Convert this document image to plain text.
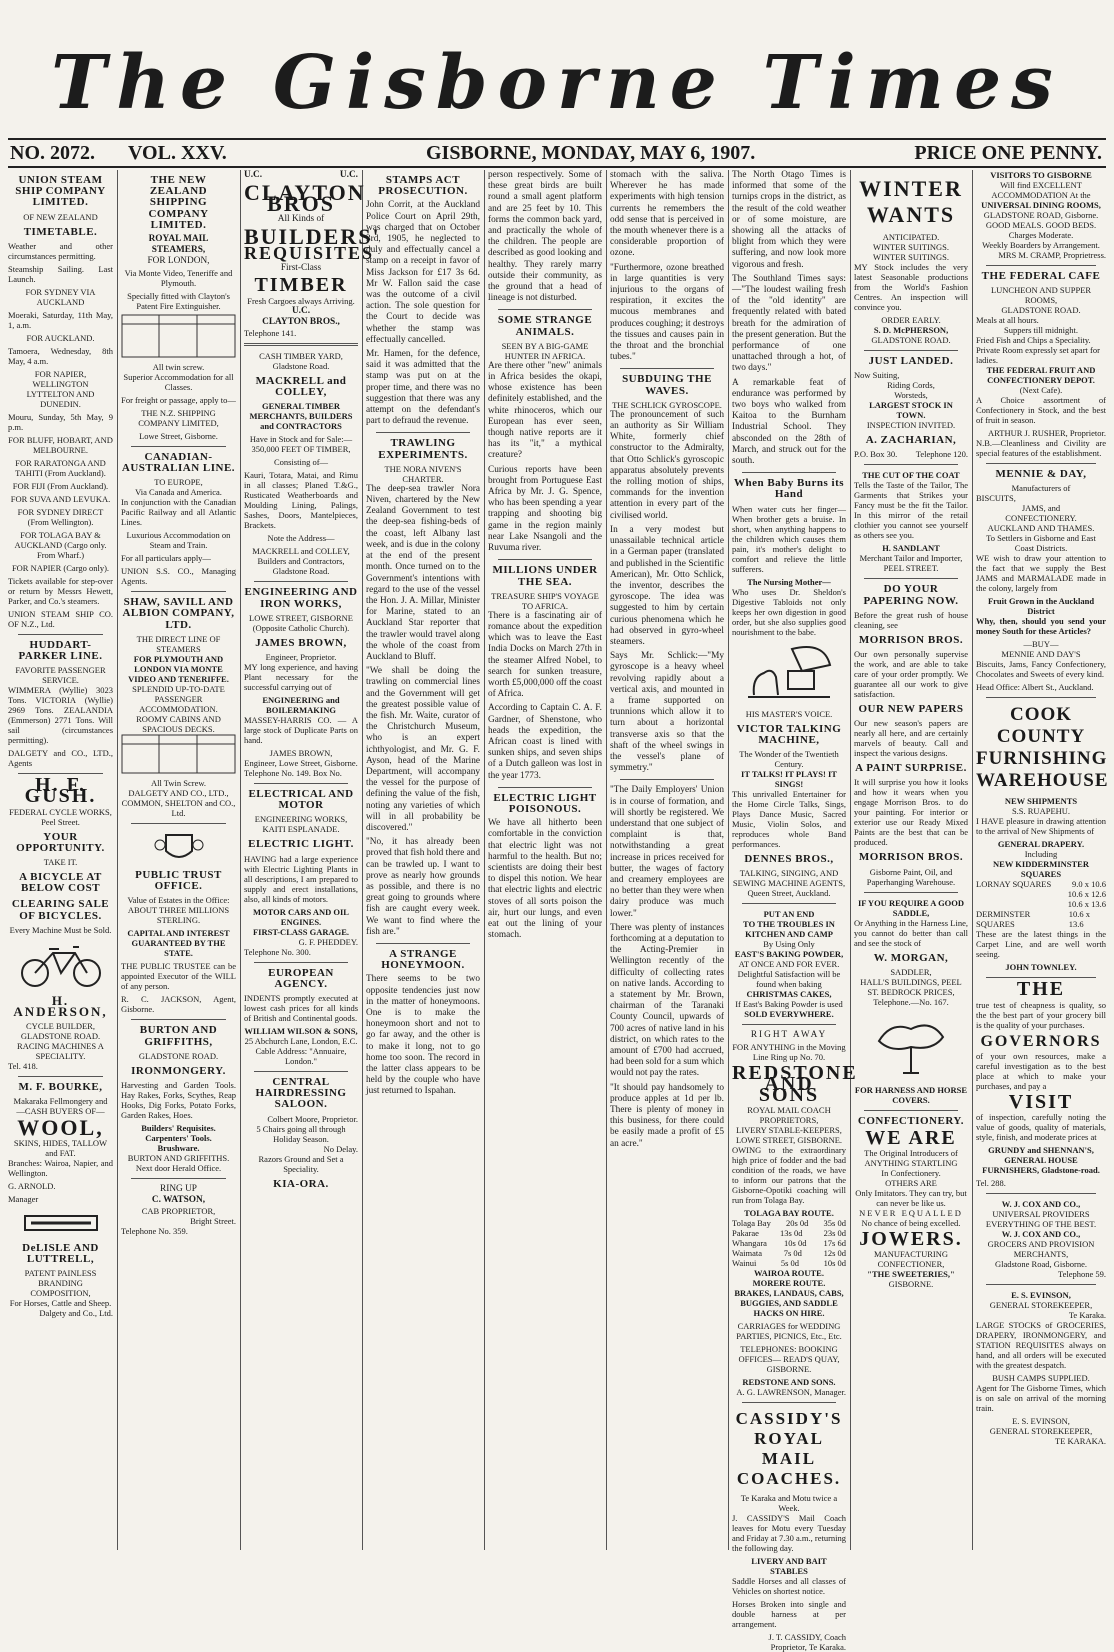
The Gisborne Times
NO. 2072. VOL. XXV.	GISBORNE, MONDAY, MAY 6, 1907.	PRICE ONE PENNY.
UNION STEAM SHIP COMPANY LIMITED.
OF NEW ZEALAND
TIMETABLE.

Weather and other circumstances permitting.

Steamship Sailing. Last Launch.

FOR SYDNEY VIA AUCKLAND

Moeraki, Saturday, 11th May, 1, a.m.

FOR AUCKLAND.

Tamoera, Wednesday, 8th May, 4 a.m.

FOR NAPIER, WELLINGTON LYTTELTON AND DUNEDIN.

Mouru, Sunday, 5th May, 9 p.m.

FOR BLUFF, HOBART, AND MELBOURNE.

FOR RARATONGA AND TAHITI (From Auckland).

FOR FIJI (From Auckland).

FOR SUVA AND LEVUKA.

FOR SYDNEY DIRECT (From Wellington).

FOR TOLAGA BAY & AUCKLAND (Cargo only. From Wharf.)

FOR NAPIER (Cargo only).

Tickets available for step-over or return by Messrs Hewett, Parker, and Co.'s steamers.

UNION STEAM SHIP CO. OF N.Z., Ltd.

HUDDART-PARKER LINE.
FAVORITE PASSENGER SERVICE.

WIMMERA (Wyllie) 3023 Tons. VICTORIA (Wyllie) 2969 Tons. ZEALANDIA (Emmerson) 2771 Tons. Will sail (circumstances permitting).

DALGETY and CO., LTD., Agents

H. F. GUSH.
FEDERAL CYCLE WORKS,
Peel Street.
YOUR OPPORTUNITY.
TAKE IT.
A BICYCLE AT BELOW COST
CLEARING SALE OF BICYCLES.
Every Machine Must be Sold.
H. ANDERSON,
CYCLE BUILDER,
GLADSTONE ROAD.
RACING MACHINES A SPECIALITY.

Tel. 418.

M. F. BOURKE,
Makaraka Fellmongery and
—CASH BUYERS OF—
WOOL,
SKINS, HIDES, TALLOW and FAT.

Branches: Wairoa, Napier, and Wellington.

G. ARNOLD.

Manager

DeLISLE AND LUTTRELL,
PATENT PAINLESS BRANDING COMPOSITION,
For Horses, Cattle and Sheep.
Dalgety and Co., Ltd.
THE NEW ZEALAND SHIPPING COMPANY LIMITED.
ROYAL MAIL STEAMERS,
FOR LONDON,

Via Monte Video, Teneriffe and Plymouth.

Specially fitted with Clayton's Patent Fire Extinguisher.

All twin screw.

Superior Accommodation for all Classes.

For freight or passage, apply to—

THE N.Z. SHIPPING COMPANY LIMITED,

Lowe Street, Gisborne.

CANADIAN-AUSTRALIAN LINE.
TO EUROPE,
Via Canada and America.

In conjunction with the Canadian Pacific Railway and all Atlantic Lines.

Luxurious Accommodation on Steam and Train.

For all particulars apply—

UNION S.S. CO., Managing Agents.

SHAW, SAVILL AND ALBION COMPANY, LTD.
THE DIRECT LINE OF STEAMERS
FOR PLYMOUTH AND LONDON VIA MONTE VIDEO AND TENERIFFE.
SPLENDID UP-TO-DATE PASSENGER ACCOMMODATION.
ROOMY CABINS AND SPACIOUS DECKS.
All Twin Screw.

DALGETY AND CO., LTD., COMMON, SHELTON and CO., Ltd.

PUBLIC TRUST OFFICE.

Value of Estates in the Office: ABOUT THREE MILLIONS STERLING.

CAPITAL AND INTEREST GUARANTEED BY THE STATE.

THE PUBLIC TRUSTEE can be appointed Executor of the WILL of any person.

R. C. JACKSON, Agent, Gisborne.

BURTON AND GRIFFITHS,
GLADSTONE ROAD.
IRONMONGERY.

Harvesting and Garden Tools. Hay Rakes, Forks, Scythes, Reap Hooks, Dig Forks, Potato Forks, Garden Rakes, Hoes.

Builders' Requisites.
Carpenters' Tools.
Brushware.

BURTON AND GRIFFITHS. Next door Herald Office.

RING UP
C. WATSON,
CAB PROPRIETOR,
Bright Street.
Telephone No. 359.
U.C.	U.C.
CLAYTON BROS
All Kinds of
BUILDERS'
REQUISITES
First-Class
TIMBER
Fresh Cargoes always Arriving.
U.C.
CLAYTON BROS.,
Telephone 141.
CASH TIMBER YARD,
Gladstone Road.
MACKRELL and COLLEY,

GENERAL TIMBER MERCHANTS, BUILDERS and CONTRACTORS

Have in Stock and for Sale:— 350,000 FEET OF TIMBER,

Consisting of—

Kauri, Totara, Matai, and Rimu in all classes; Planed T.&G., Rusticated Weatherboards and Moulding Lining, Palings, Sashes, Doors, Mantelpieces, Brackets.

Note the Address—

MACKRELL and COLLEY, Builders and Contractors, Gladstone Road.

ENGINEERING AND IRON WORKS,
LOWE STREET, GISBORNE
(Opposite Catholic Church).
JAMES BROWN,
Engineer, Proprietor.

MY long experience, and having Plant necessary for the successful carrying out of

ENGINEERING and BOILERMAKING

MASSEY-HARRIS CO. — A large stock of Duplicate Parts on hand.

JAMES BROWN,
Engineer, Lowe Street, Gisborne.
Telephone No. 149. Box No.
ELECTRICAL AND MOTOR
ENGINEERING WORKS,
KAITI ESPLANADE.
ELECTRIC LIGHT.

HAVING had a large experience with Electric Lighting Plants in all descriptions, I am prepared to supply and erect installations, also, all kinds of motors.

MOTOR CARS AND OIL ENGINES.
FIRST-CLASS GARAGE.
G. F. PHEDDEY.
Telephone No. 300.
EUROPEAN AGENCY.

INDENTS promptly executed at lowest cash prices for all kinds of British and Continental goods.

WILLIAM WILSON & SONS,
25 Abchurch Lane, London, E.C.
Cable Address: "Annuaire, London."
CENTRAL HAIRDRESSING SALOON.
Colbert Moore, Proprietor.
5 Chairs going all through Holiday Season.
No Delay.
Razors Ground and Set a Speciality.
KIA-ORA.
STAMPS ACT PROSECUTION.

John Corrit, at the Auckland Police Court on April 29th, was charged that on October 3rd, 1905, he neglected to duly and effectually cancel a stamp on a receipt in favor of Miss Jackson for £17 3s 6d. Mr W. Fallon said the case was the outcome of a civil action. The sole question for the Court to decide was whether the stamp was effectually cancelled.

Mr. Hamen, for the defence, said it was admitted that the stamp was put on at the proper time, and there was no suggestion that there was any attempt on the defendant's part to defraud the revenue.

TRAWLING EXPERIMENTS.
THE NORA NIVEN'S CHARTER.

The deep-sea trawler Nora Niven, chartered by the New Zealand Government to test the deep-sea fishing-beds of the coast, left Albany last week, and is due in the colony at the end of the present month. Once turned on to the Government's intentions with regard to the use of the vessel the Hon. J. A. Millar, Minister for Marine, stated to an Auckland Star reporter that the trawler would travel along the whole of the coast from Auckland to Bluff.

"We shall be doing the trawling on commercial lines and the Government will get the greatest possible value of the fish. Mr. Waite, curator of the Christchurch Museum, who is an expert ichthyologist, and Mr. G. F. Ayson, head of the Marine Department, will accompany the vessel for the purpose of defining the value of the fish, noting any varieties of which will in all probability be discovered."

"No, it has already been proved that fish hold there and can be trawled up. I want to prove as nearly how grounds as possible, and there is no great going to grounds where fish are caught every week. We want to find where the fish are."

A STRANGE HONEYMOON.

There seems to be two opposite tendencies just now in the matter of honeymoons. One is to make the honeymoon short and not to go far away, and the other is to make it long, not to go home too soon. The record in the latter class appears to be held by the couple who have just returned to Ispahan.

person respectively. Some of these great birds are built round a small agent platform and are 25 feet by 10. This forms the common back yard, and practically the whole of the children. The people are described as good looking and healthy. They rarely marry outside their community, as the ground that a head of lineage is not disturbed.

SOME STRANGE ANIMALS.
SEEN BY A BIG-GAME HUNTER IN AFRICA.

Are there other "new" animals in Africa besides the okapi, whose existence has been definitely established, and the white rhinoceros, which our European has ever seen, though native reports are it has its "it," a mythical creature?

Curious reports have been brought from Portuguese East Africa by Mr. J. G. Spence, who has been spending a year trapping and shooting big game in the region mainly near Lake Nsangoli and the Ruvuma river.

MILLIONS UNDER THE SEA.
TREASURE SHIP'S VOYAGE TO AFRICA.

There is a fascinating air of romance about the expedition which was to leave the East India Docks on March 27th in the steamer Alfred Nobel, to search for sunken treasure, worth £5,000,000 off the coast of Africa.

According to Captain C. A. F. Gardner, of Shenstone, who heads the expedition, the African coast is lined with sunken ships, and seven ships of a Dutch galleon was lost in the year 1773.

ELECTRIC LIGHT POISONOUS.

We have all hitherto been comfortable in the conviction that electric light was not harmful to the health. But no; scientists are doing their best to dispel this notion. We hear that electric lights and electric stoves of all sorts poison the air, hurt our lungs, and even eat out the lining of your stomach.

stomach with the saliva. Wherever he has made experiments with high tension currents he remembers the odd sense that is perceived in the mouth whenever there is a considerable proportion of ozone.

"Furthermore, ozone breathed in large quantities is very injurious to the organs of respiration, it excites the mucous membranes and produces coughing; it destroys the tissues and causes pain in the throat and the bronchial tubes."

SUBDUING THE WAVES.
THE SCHLICK GYROSCOPE.

The pronouncement of such an authority as Sir William White, formerly chief constructor to the Admiralty, that Otto Schlick's gyroscopic apparatus absolutely prevents the rolling motion of ships, commands for the invention attention in every part of the civilised world.

In a very modest but unassailable technical article in a German paper (translated and published in the Scientific American), Mr. Otto Schlick, the inventor, describes the gyroscope. The idea was suggested to him by certain curious phenomena which he had observed in gyro-wheel steamers.

Says Mr. Schlick:—"My gyroscope is a heavy wheel revolving rapidly about a vertical axis, and mounted in a frame supported on trunnions which allow it to turn about a horizontal transverse axis so that the shaft of the wheel swings in the vessel's plane of symmetry."

"The Daily Employers' Union is in course of formation, and will shortly be registered. We understand that one subject of complaint is that, notwithstanding a great increase in prices received for butter, the wages of factory and creamery employees are no better than they were when dairy produce was much lower."

There was plenty of instances forthcoming at a deputation to the Acting-Premier in Wellington recently of the difficulty of collecting rates on native lands. According to a statement by Mr. Brown, chairman of the Taranaki County Council, upwards of 700 acres of native land in his district, on which rates to the amount of £700 had accrued, had been sold for a sum which would not pay the rates.

"It should pay handsomely to produce apples at 1d per lb. There is plenty of money in this business, for there could be easily made a profit of £5 an acre."

The North Otago Times is informed that some of the turnips crops in the district, as the result of the cold weather or of some moisture, are showing all the attacks of blight from which they were suffering, and now look more vigorous and fresh.

The Southland Times says:—"The loudest wailing fresh of the "old identity" are frequently related with bated breath for the admiration of the present generation. But the performance of one unattached through a hot, of two days."

A remarkable feat of endurance was performed by two boys who walked from Kaitoa to the Burnham Industrial School. They absconded on the 28th of March, and struck out for the south.

When Baby Burns its Hand

When water cuts her finger—When brother gets a bruise. In short, when anything happens to the children which causes them pain, it's mother's delight to comfort and relieve the little sufferers.

The Nursing Mother—

Who uses Dr. Sheldon's Digestive Tabloids not only keeps her own digestion in good order, but she also supplies good nourishment to the babe.

HIS MASTER'S VOICE.
VICTOR TALKING MACHINE,
The Wonder of the Twentieth Century.
IT TALKS! IT PLAYS! IT SINGS!

This unrivalled Entertainer for the Home Circle Talks, Sings, Plays Dance Music, Sacred Music, Violin Solos, and reproduces whole Band performances.

DENNES BROS.,
TALKING, SINGING, AND SEWING MACHINE AGENTS,
Queen Street, Auckland.
PUT AN END
TO THE TROUBLES IN KITCHEN AND CAMP
By Using Only
EAST'S BAKING POWDER,
AT ONCE AND FOR EVER.
Delightful Satisfaction will be found when baking
CHRISTMAS CAKES,
If East's Baking Powder is used
SOLD EVERYWHERE.
RIGHT AWAY
FOR ANYTHING in the Moving Line Ring up No. 70.
REDSTONE AND SONS
ROYAL MAIL COACH PROPRIETORS,
LIVERY STABLE-KEEPERS,
LOWE STREET, GISBORNE.

OWING to the extraordinary high price of fodder and the bad condition of the roads, we have to inform our patrons that the Gisborne-Opotiki coaching will run from Tolaga Bay.

TOLAGA BAY ROUTE.
Tolaga Bay 20s 0d 35s 0d
Pakarae 13s 0d 23s 0d
Whangara 10s 0d 17s 6d
Waimata	7s 0d	12s 0d
Wainui	5s 0d	10s 0d
WAIROA ROUTE.
MORERE ROUTE.

BRAKES, LANDAUS, CABS, BUGGIES, AND SADDLE HACKS ON HIRE.

CARRIAGES for WEDDING PARTIES, PICNICS, Etc., Etc.

TELEPHONES: BOOKING OFFICES— READ'S QUAY, GISBORNE.

REDSTONE AND SONS.
A. G. LAWRENSON, Manager.
CASSIDY'S ROYAL MAIL COACHES.
Te Karaka and Motu twice a Week.

J. CASSIDY'S Mail Coach leaves for Motu every Tuesday and Friday at 7.30 a.m., returning the following day.

LIVERY AND BAIT STABLES

Saddle Horses and all classes of Vehicles on shortest notice.

Horses Broken into single and double harness at per arrangement.

J. T. CASSIDY, Coach Proprietor, Te Karaka.
WINTER WANTS
ANTICIPATED.
WINTER SUITINGS.
WINTER SUITINGS.

MY Stock includes the very latest Seasonable productions from the World's Fashion Centres. An inspection will convince you.

ORDER EARLY.
S. D. McPHERSON,
GLADSTONE ROAD.
JUST LANDED.
Now Suiting,
Riding Cords,
Worsteds,
LARGEST STOCK IN TOWN.
INSPECTION INVITED.
A. ZACHARIAN,
P.O. Box 30. Telephone 120.
THE CUT OF THE COAT

Tells the Taste of the Tailor, The Garments that Strikes your Fancy must be the fit the Tailor. In this mirror of the retail clothier you cannot see yourself as others see you.

H. SANDLANT
Merchant Tailor and Importer,
PEEL STREET.
DO YOUR PAPERING NOW.

Before the great rush of house cleaning, see

MORRISON BROS.

Our own personally supervise the work, and are able to take care of your order promptly. We guarantee all our work to give satisfaction.

OUR NEW PAPERS

Our new season's papers are nearly all here, and are certainly marvels of beauty. Call and inspect the various designs.

A PAINT SURPRISE.

It will surprise you how it looks and how it wears when you engage Morrison Bros. to do your painting. For interior or exterior use our Ready Mixed Paints are the best that can be produced.

MORRISON BROS.
Gisborne Paint, Oil, and Paperhanging Warehouse.
IF YOU REQUIRE A GOOD SADDLE,

Or Anything in the Harness Line, you cannot do better than call and see the stock of

W. MORGAN,
SADDLER,
HALL'S BUILDINGS, PEEL ST. BEDROCK PRICES,
Telephone.—No. 167.
FOR HARNESS AND HORSE COVERS.
CONFECTIONERY.
WE ARE
The Original Introducers of
ANYTHING STARTLING
In Confectionery.
OTHERS ARE
Only Imitators. They can try, but can never be like us.
NEVER EQUALLED
No chance of being excelled.
JOWERS.
MANUFACTURING CONFECTIONER,
"THE SWEETERIES,"
GISBORNE.
VISITORS TO GISBORNE
Will find EXCELLENT ACCOMMODATION At the
UNIVERSAL DINING ROOMS,
GLADSTONE ROAD, Gisborne.
GOOD MEALS. GOOD BEDS.
Charges Moderate.
Weekly Boarders by Arrangement.
MRS M. CRAMP, Proprietress.
THE FEDERAL CAFE
LUNCHEON AND SUPPER ROOMS,
GLADSTONE ROAD.
Meals at all hours.
Suppers till midnight.
Fried Fish and Chips a Speciality.
Private Room expressly set apart for ladies.
THE FEDERAL FRUIT AND CONFECTIONERY DEPOT.
(Next Cafe).

A Choice assortment of Confectionery in Stock, and the best of fruit in season.

ARTHUR J. RUSHER, Proprietor.

N.B.—Cleanliness and Civility are special features of the establishment.

MENNIE & DAY,
Manufacturers of
BISCUITS,
JAMS, and
CONFECTIONERY.
AUCKLAND AND THAMES.
To Settlers in Gisborne and East Coast Districts.

WE wish to draw your attention to the fact that we supply the Best JAMS and MARMALADE made in the colony, largely from

Fruit Grown in the Auckland District

Why, then, should you send your money South for these Articles?

—BUY—
MENNIE AND DAY'S

Biscuits, Jams, Fancy Confectionery, Chocolates and Sweets of every kind.

Head Office: Albert St., Auckland.
COOK COUNTY FURNISHING WAREHOUSE
NEW SHIPMENTS
S.S. RUAPEHU.

I HAVE pleasure in drawing attention to the arrival of New Shipments of

GENERAL DRAPERY.
Including
NEW KIDDERMINSTER SQUARES
LORNAY SQUARES 9.0 x 10.6
10.6 x 12.6
10.6 x 13.6
DERMINSTER SQUARES
10.6 x 13.6

These are the latest things in the Carpet Line, and are well worth seeing.

JOHN TOWNLEY.
THE

true test of cheapness is quality, so the the best part of your grocery bill is the quality of your purchases.

GOVERNORS

of your own resources, make a careful investigation as to the best place at which to make your purchases, and pay a

VISIT

of inspection, carefully noting the value of goods, quality of materials, style, finish, and moderate prices at

GRUNDY and SHENNAN'S, GENERAL HOUSE FURNISHERS, Gladstone-road.

Tel. 288.
W. J. COX AND CO.,
UNIVERSAL PROVIDERS
EVERYTHING OF THE BEST.
W. J. COX AND CO.,
GROCERS AND PROVISION MERCHANTS,
Gladstone Road, Gisborne.
Telephone 59.
E. S. EVINSON,
GENERAL STOREKEEPER,
Te Karaka.

LARGE STOCKS of GROCERIES, DRAPERY, IRONMONGERY, and STATION REQUISITES always on hand, and all orders will be executed with the greatest despatch.

BUSH CAMPS SUPPLIED.

Agent for The Gisborne Times, which is on sale on arrival of the morning train.

E. S. EVINSON,
GENERAL STOREKEEPER,
TE KARAKA.
